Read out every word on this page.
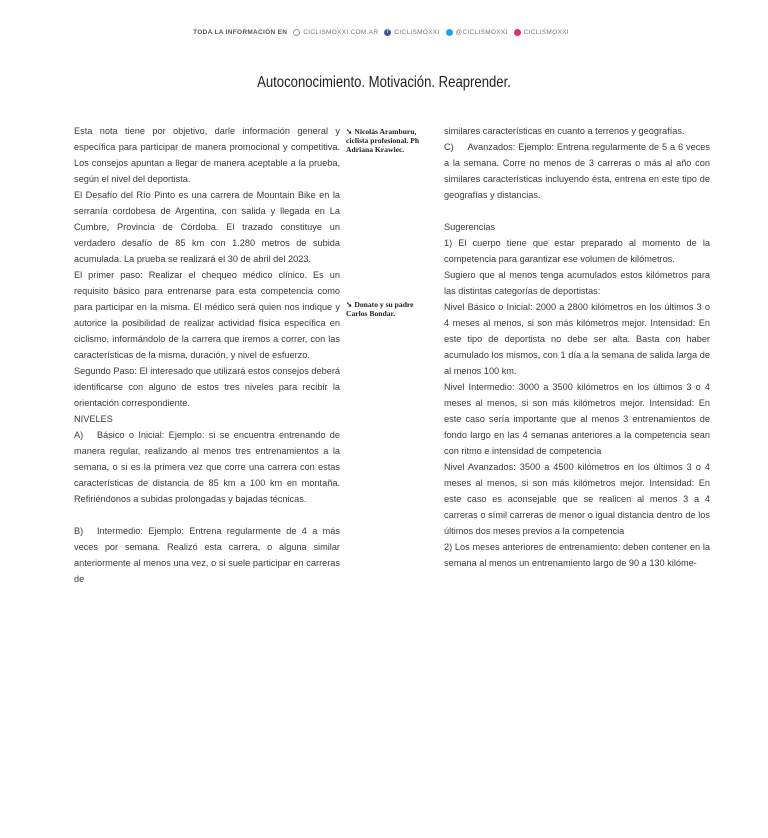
TODA LA INFORMACIÓN EN CICLISMOXXI.COM.AR	f CICLISMOXXI @CICLISMOXXI CICLISMOXXI
Autoconocimiento. Motivación. Reaprender.

Esta nota tiene por objetivo, darle información general y específica para participar de manera promocional y competitiva. Los consejos apuntan a llegar de manera aceptable a la prueba, según el nivel del deportista.

El Desafío del Río Pinto es una carrera de Mountain Bike en la serranía cordobesa de Argentina, con salida y llegada en La Cumbre, Provincia de Córdoba. El trazado constituye un verdadero desafío de 85 km con 1.280 metros de subida acumulada. La prueba se realizará el 30 de abril del 2023.

El primer paso: Realizar el chequeo médico clínico. Es un requisito básico para entrenarse para esta competencia como para participar en la misma. El médico será quien nos indique y autorice la posibilidad de realizar actividad física específica en ciclismo, informándolo de la carrera que iremos a correr, con las características de la misma, duración, y nivel de esfuerzo.

Segundo Paso: El interesado que utilizará estos consejos deberá identificarse con alguno de estos tres niveles para recibir la orientación correspondiente.

NIVELES

A)  Básico o Inicial: Ejemplo: si se encuentra entrenando de manera regular, realizando al menos tres entrenamientos a la semana, o si es la primera vez que corre una carrera con estas características de distancia de 85 km a 100 km en montaña. Refiriéndonos a subidas prolongadas y bajadas técnicas.

B)  Intermedio: Ejemplo: Entrena regularmente de 4 a más veces por semana. Realizó esta carrera, o alguna similar anteriormente al menos una vez, o si suele participar en carreras de

➘ Nicolás Aramburu, ciclista profesional. Ph Adriana Krawiec.
➘ Donato y su padre Carlos Bondar.

similares características en cuanto a terrenos y geografías.

C)  Avanzados: Ejemplo: Entrena regularmente de 5 a 6 veces a la semana. Corre no menos de 3 carreras o más al año con similares características incluyendo ésta, entrena en este tipo de geografías y distancias.

Sugerencias

1) El cuerpo tiene que estar preparado al momento de la competencia para garantizar ese volumen de kilómetros.

Sugiero que al menos tenga acumulados estos kilómetros para las distintas categorías de deportistas:

Nivel Básico o Inicial: 2000 a 2800 kilómetros en los últimos 3 o 4 meses al menos, si son más kilómetros mejor. Intensidad: En este tipo de deportista no debe ser alta. Basta con haber acumulado los mismos, con 1 día a la semana de salida larga de al menos 100 km.

Nivel Intermedio: 3000 a 3500 kilómetros en los últimos 3 o 4 meses al menos, si son más kilómetros mejor. Intensidad: En este caso sería importante que al menos 3 entrenamientos de fondo largo en las 4 semanas anteriores a la competencia sean con ritmo e intensidad de competencia

Nivel Avanzados: 3500 a 4500 kilómetros en los últimos 3 o 4 meses al menos, si son más kilómetros mejor. Intensidad: En este caso es aconsejable que se realicen al menos 3 a 4 carreras o símil carreras de menor o igual distancia dentro de los últimos dos meses previos a la competencia

2) Los meses anteriores de entrenamiento: deben contener en la semana al menos un entrenamiento largo de 90 a 130 kilóme-
